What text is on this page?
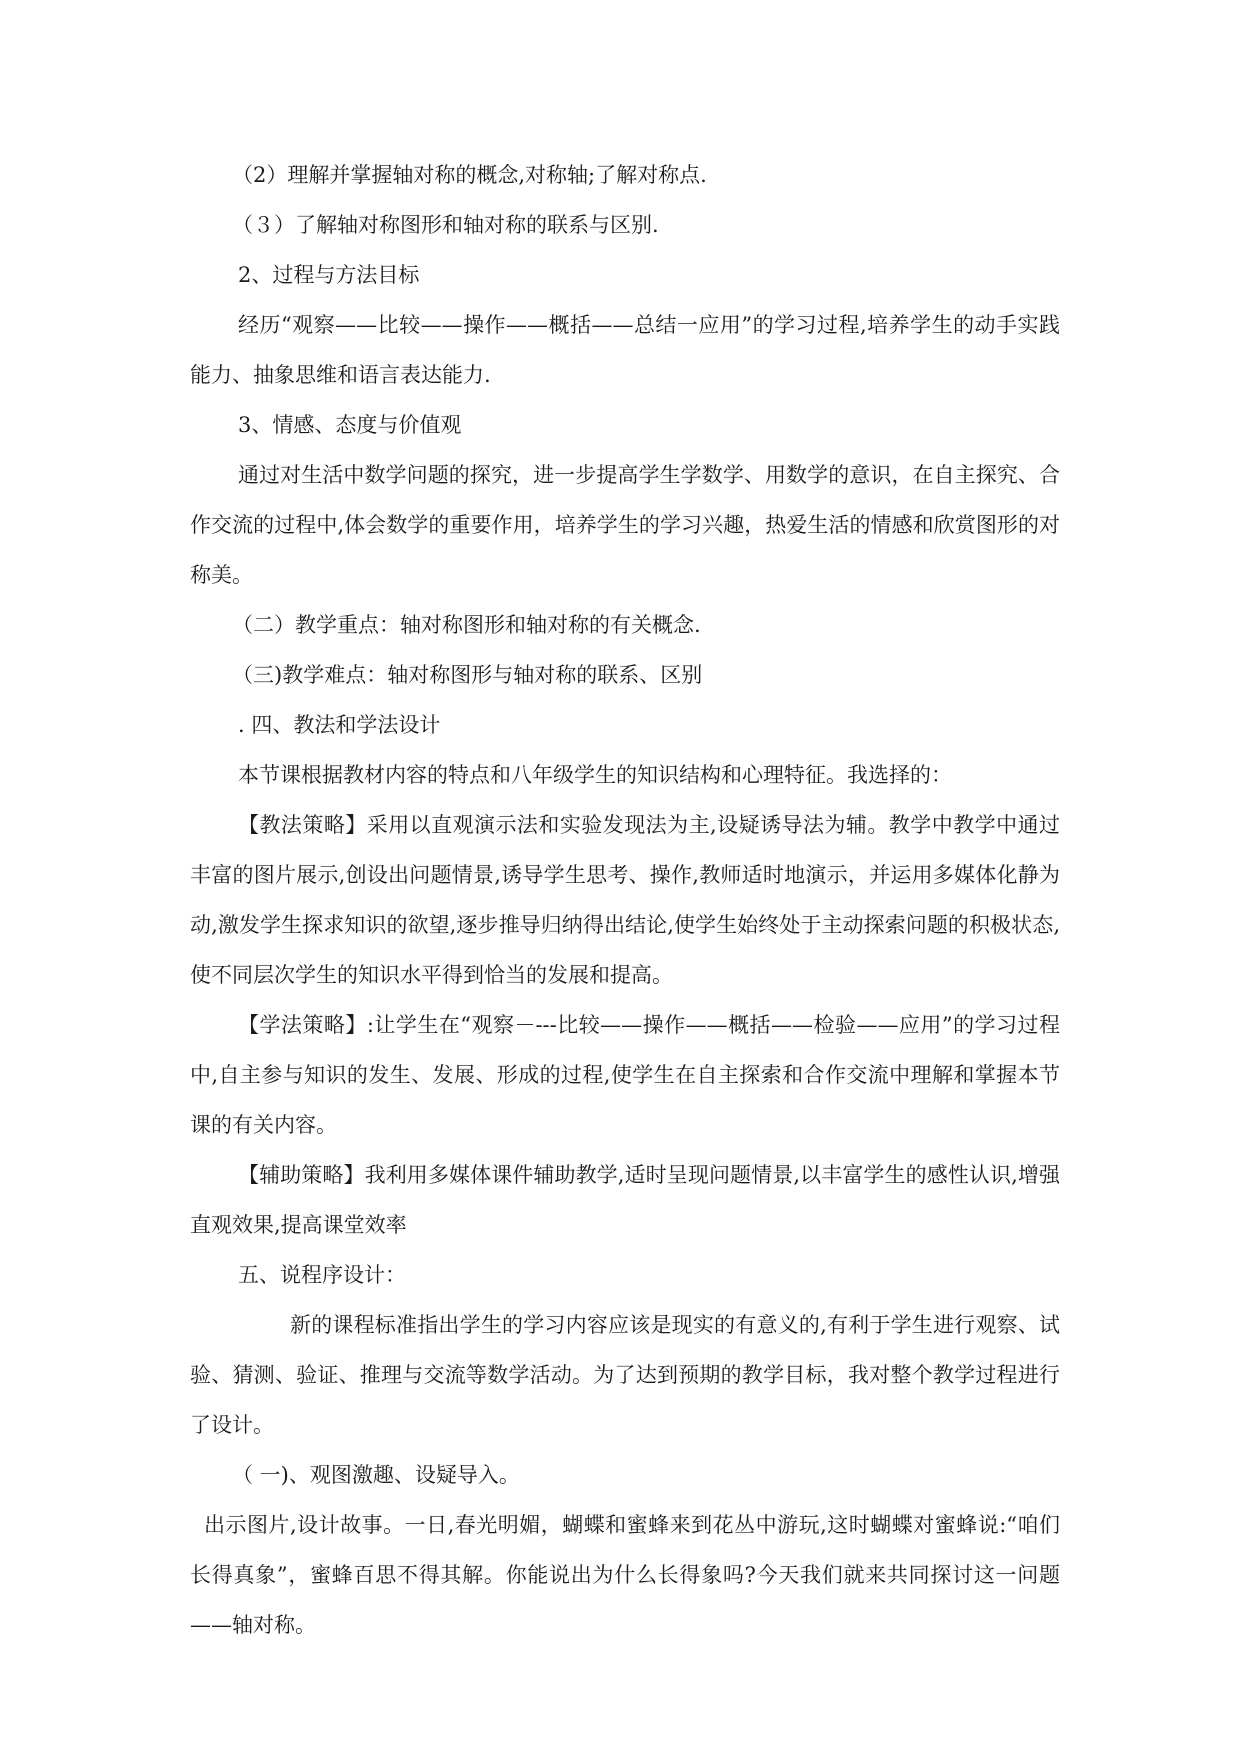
（2）理解并掌握轴对称的概念,对称轴;了解对称点.

（３）了解轴对称图形和轴对称的联系与区别.

2、过程与方法目标

经历“观察——比较——操作——概括——总结一应用”的学习过程,培养学生的动手实践能力、抽象思维和语言表达能力.

3、情感、态度与价值观

通过对生活中数学问题的探究，进一步提高学生学数学、用数学的意识，在自主探究、合作交流的过程中,体会数学的重要作用，培养学生的学习兴趣，热爱生活的情感和欣赏图形的对称美。

（二）教学重点：轴对称图形和轴对称的有关概念.

（三)教学难点：轴对称图形与轴对称的联系、区别

. 四、教法和学法设计

本节课根据教材内容的特点和八年级学生的知识结构和心理特征。我选择的：

【教法策略】采用以直观演示法和实验发现法为主,设疑诱导法为辅。教学中教学中通过丰富的图片展示,创设出问题情景,诱导学生思考、操作,教师适时地演示，并运用多媒体化静为动,激发学生探求知识的欲望,逐步推导归纳得出结论,使学生始终处于主动探索问题的积极状态,使不同层次学生的知识水平得到恰当的发展和提高。

【学法策略】:让学生在“观察－---比较——操作——概括——检验——应用”的学习过程中,自主参与知识的发生、发展、形成的过程,使学生在自主探索和合作交流中理解和掌握本节课的有关内容。

【辅助策略】我利用多媒体课件辅助教学,适时呈现问题情景,以丰富学生的感性认识,增强直观效果,提高课堂效率

五、说程序设计：

新的课程标准指出学生的学习内容应该是现实的有意义的,有利于学生进行观察、试验、猜测、验证、推理与交流等数学活动。为了达到预期的教学目标，我对整个教学过程进行了设计。

（ 一)、观图激趣、设疑导入。

出示图片,设计故事。一日,春光明媚，蝴蝶和蜜蜂来到花丛中游玩,这时蝴蝶对蜜蜂说:“咱们长得真象”，蜜蜂百思不得其解。你能说出为什么长得象吗?今天我们就来共同探讨这一问题——轴对称。
